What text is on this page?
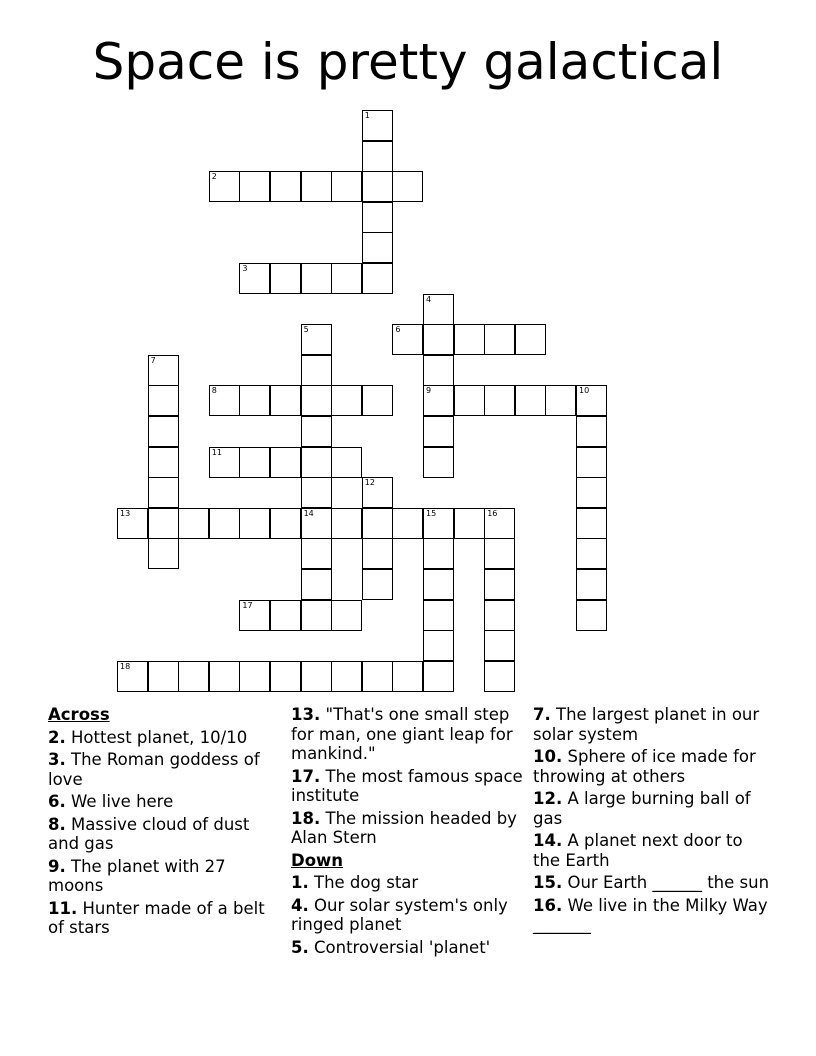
Space is pretty galactical
1
2
3
4
9
5
14
6
7
8	10
11
12
13	15	16
17
18
Across
2. Hottest planet, 10/10
3. The Roman goddess of love
6. We live here
8. Massive cloud of dust and gas
9. The planet with 27 moons
11. Hunter made of a belt of stars
13. "That's one small step for man, one giant leap for mankind."
17. The most famous space institute
18. The mission headed by Alan Stern
Down
1. The dog star
4. Our solar system's only ringed planet
5. Controversial 'planet'
7. The largest planet in our solar system
10. Sphere of ice made for throwing at others
12. A large burning ball of gas
14. A planet next door to the Earth
15. Our Earth ______ the sun
16. We live in the Milky Way _______
